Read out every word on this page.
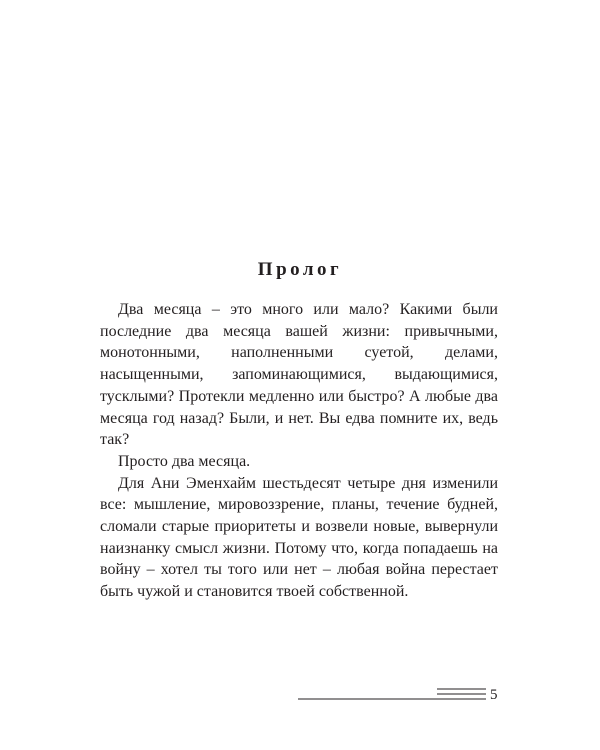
Пролог

Два месяца – это много или мало? Какими были последние два месяца вашей жизни: привычными, монотонными, наполненными суетой, делами, насыщенными, запоминающимися, выдающимися, тусклыми? Протекли медленно или быстро? А любые два месяца год назад? Были, и нет. Вы едва помните их, ведь так?

Просто два месяца.

Для Ани Эменхайм шестьдесят четыре дня изменили все: мышление, мировоззрение, планы, течение будней, сломали старые приоритеты и возвели новые, вывернули наизнанку смысл жизни. Потому что, когда попадаешь на войну – хотел ты того или нет – любая война перестает быть чужой и становится твоей собственной.

5
